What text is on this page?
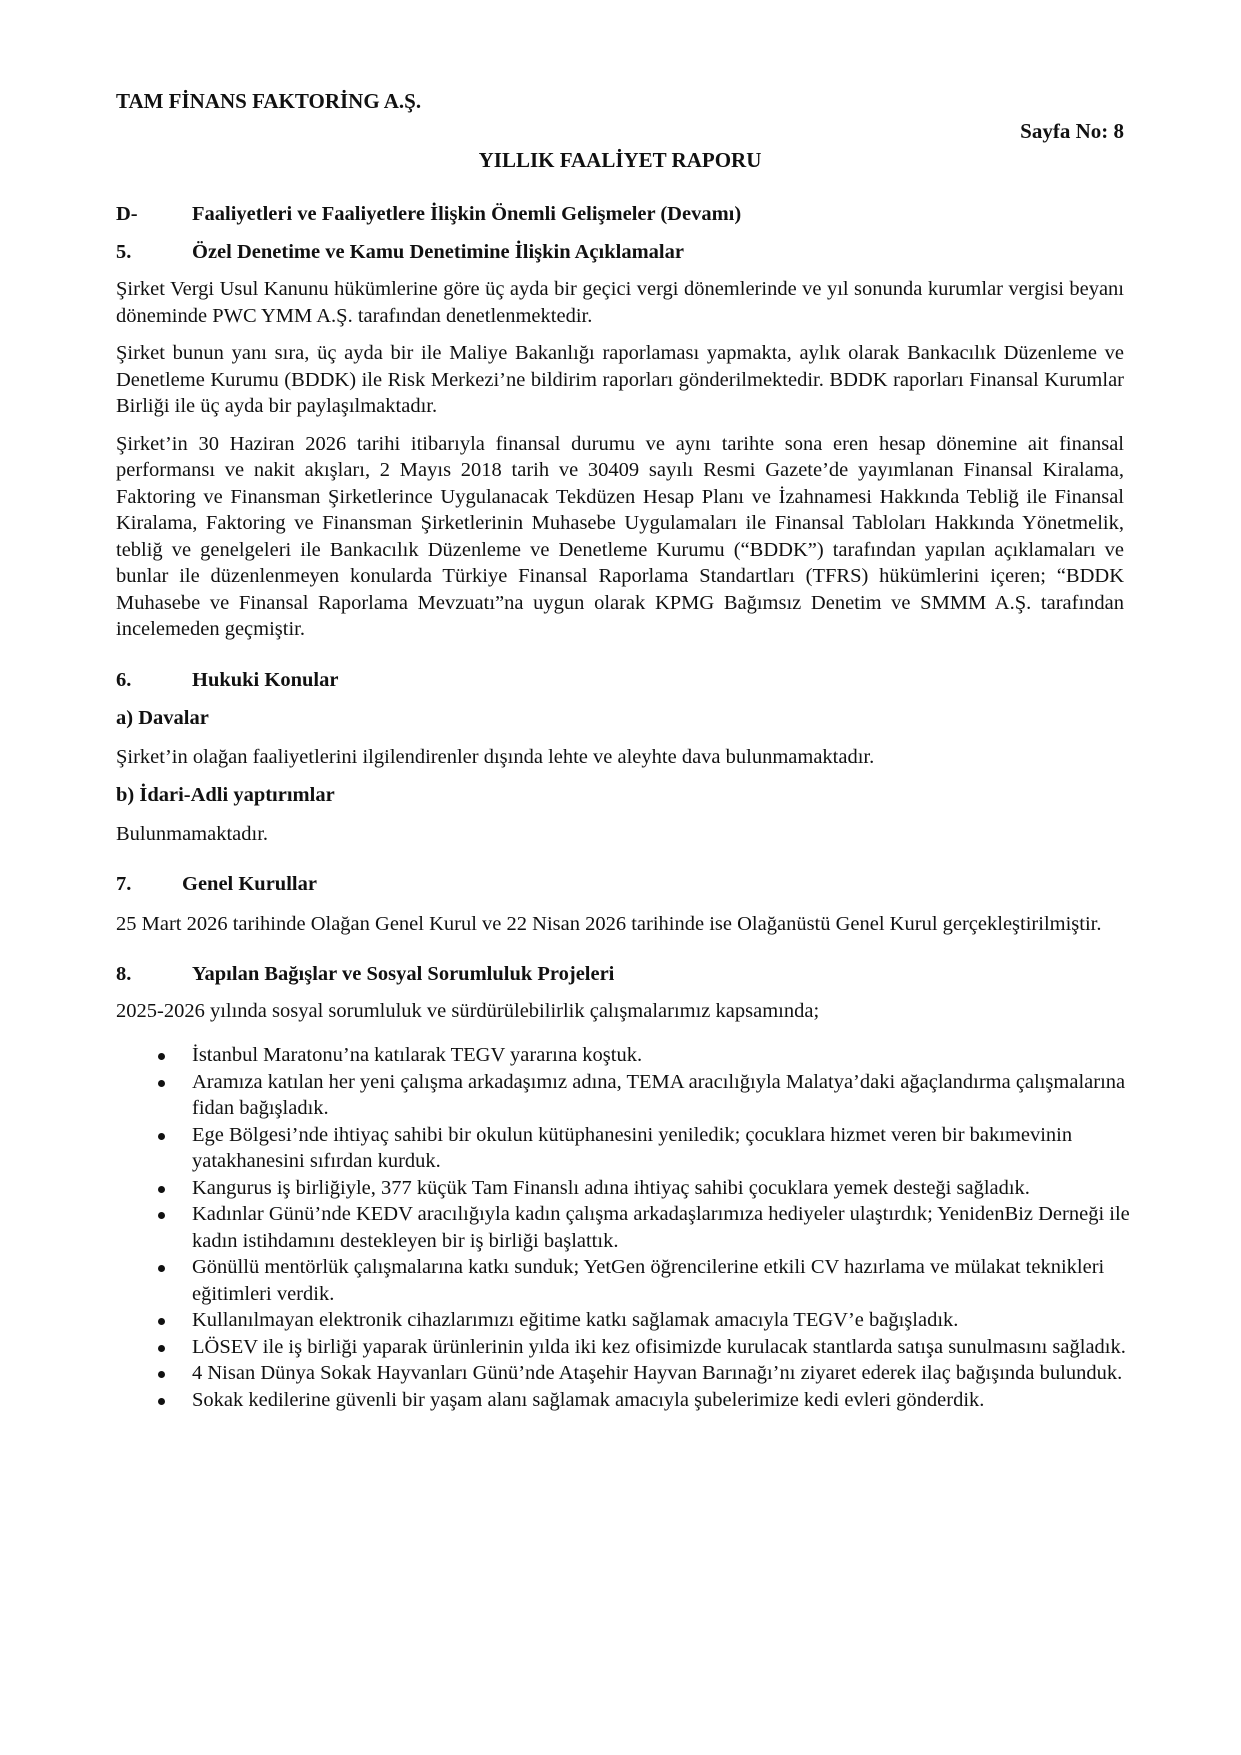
TAM FİNANS FAKTORİNG A.Ş.
Sayfa No: 8
YILLIK FAALİYET RAPORU
D-	Faaliyetleri ve Faaliyetlere İlişkin Önemli Gelişmeler (Devamı)
5.	Özel Denetime ve Kamu Denetimine İlişkin Açıklamalar

Şirket Vergi Usul Kanunu hükümlerine göre üç ayda bir geçici vergi dönemlerinde ve yıl sonunda kurumlar vergisi beyanı döneminde PWC YMM A.Ş. tarafından denetlenmektedir.

Şirket bunun yanı sıra, üç ayda bir ile Maliye Bakanlığı raporlaması yapmakta, aylık olarak Bankacılık Düzenleme ve Denetleme Kurumu (BDDK) ile Risk Merkezi’ne bildirim raporları gönderilmektedir. BDDK raporları Finansal Kurumlar Birliği ile üç ayda bir paylaşılmaktadır.

Şirket’in 30 Haziran 2026 tarihi itibarıyla finansal durumu ve aynı tarihte sona eren hesap dönemine ait finansal performansı ve nakit akışları, 2 Mayıs 2018 tarih ve 30409 sayılı Resmi Gazete’de yayımlanan Finansal Kiralama, Faktoring ve Finansman Şirketlerince Uygulanacak Tekdüzen Hesap Planı ve İzahnamesi Hakkında Tebliğ ile Finansal Kiralama, Faktoring ve Finansman Şirketlerinin Muhasebe Uygulamaları ile Finansal Tabloları Hakkında Yönetmelik, tebliğ ve genelgeleri ile Bankacılık Düzenleme ve Denetleme Kurumu (“BDDK”) tarafından yapılan açıklamaları ve bunlar ile düzenlenmeyen konularda Türkiye Finansal Raporlama Standartları (TFRS) hükümlerini içeren; “BDDK Muhasebe ve Finansal Raporlama Mevzuatı”na uygun olarak KPMG Bağımsız Denetim ve SMMM A.Ş. tarafından incelemeden geçmiştir.

6.	Hukuki Konular
a) Davalar

Şirket’in olağan faaliyetlerini ilgilendirenler dışında lehte ve aleyhte dava bulunmamaktadır.

b) İdari-Adli yaptırımlar

Bulunmamaktadır.

7.	Genel Kurullar

25 Mart 2026 tarihinde Olağan Genel Kurul ve 22 Nisan 2026 tarihinde ise Olağanüstü Genel Kurul gerçekleştirilmiştir.

8.	Yapılan Bağışlar ve Sosyal Sorumluluk Projeleri

2025-2026 yılında sosyal sorumluluk ve sürdürülebilirlik çalışmalarımız kapsamında;

İstanbul Maratonu’na katılarak TEGV yararına koştuk.
Aramıza katılan her yeni çalışma arkadaşımız adına, TEMA aracılığıyla Malatya’daki ağaçlandırma çalışmalarına fidan bağışladık.
Ege Bölgesi’nde ihtiyaç sahibi bir okulun kütüphanesini yeniledik; çocuklara hizmet veren bir bakımevinin yatakhanesini sıfırdan kurduk.
Kangurus iş birliğiyle, 377 küçük Tam Finanslı adına ihtiyaç sahibi çocuklara yemek desteği sağladık.
Kadınlar Günü’nde KEDV aracılığıyla kadın çalışma arkadaşlarımıza hediyeler ulaştırdık; YenidenBiz Derneği ile kadın istihdamını destekleyen bir iş birliği başlattık.
Gönüllü mentörlük çalışmalarına katkı sunduk; YetGen öğrencilerine etkili CV hazırlama ve mülakat teknikleri eğitimleri verdik.
Kullanılmayan elektronik cihazlarımızı eğitime katkı sağlamak amacıyla TEGV’e bağışladık.
LÖSEV ile iş birliği yaparak ürünlerinin yılda iki kez ofisimizde kurulacak stantlarda satışa sunulmasını sağladık.
4 Nisan Dünya Sokak Hayvanları Günü’nde Ataşehir Hayvan Barınağı’nı ziyaret ederek ilaç bağışında bulunduk.
Sokak kedilerine güvenli bir yaşam alanı sağlamak amacıyla şubelerimize kedi evleri gönderdik.
